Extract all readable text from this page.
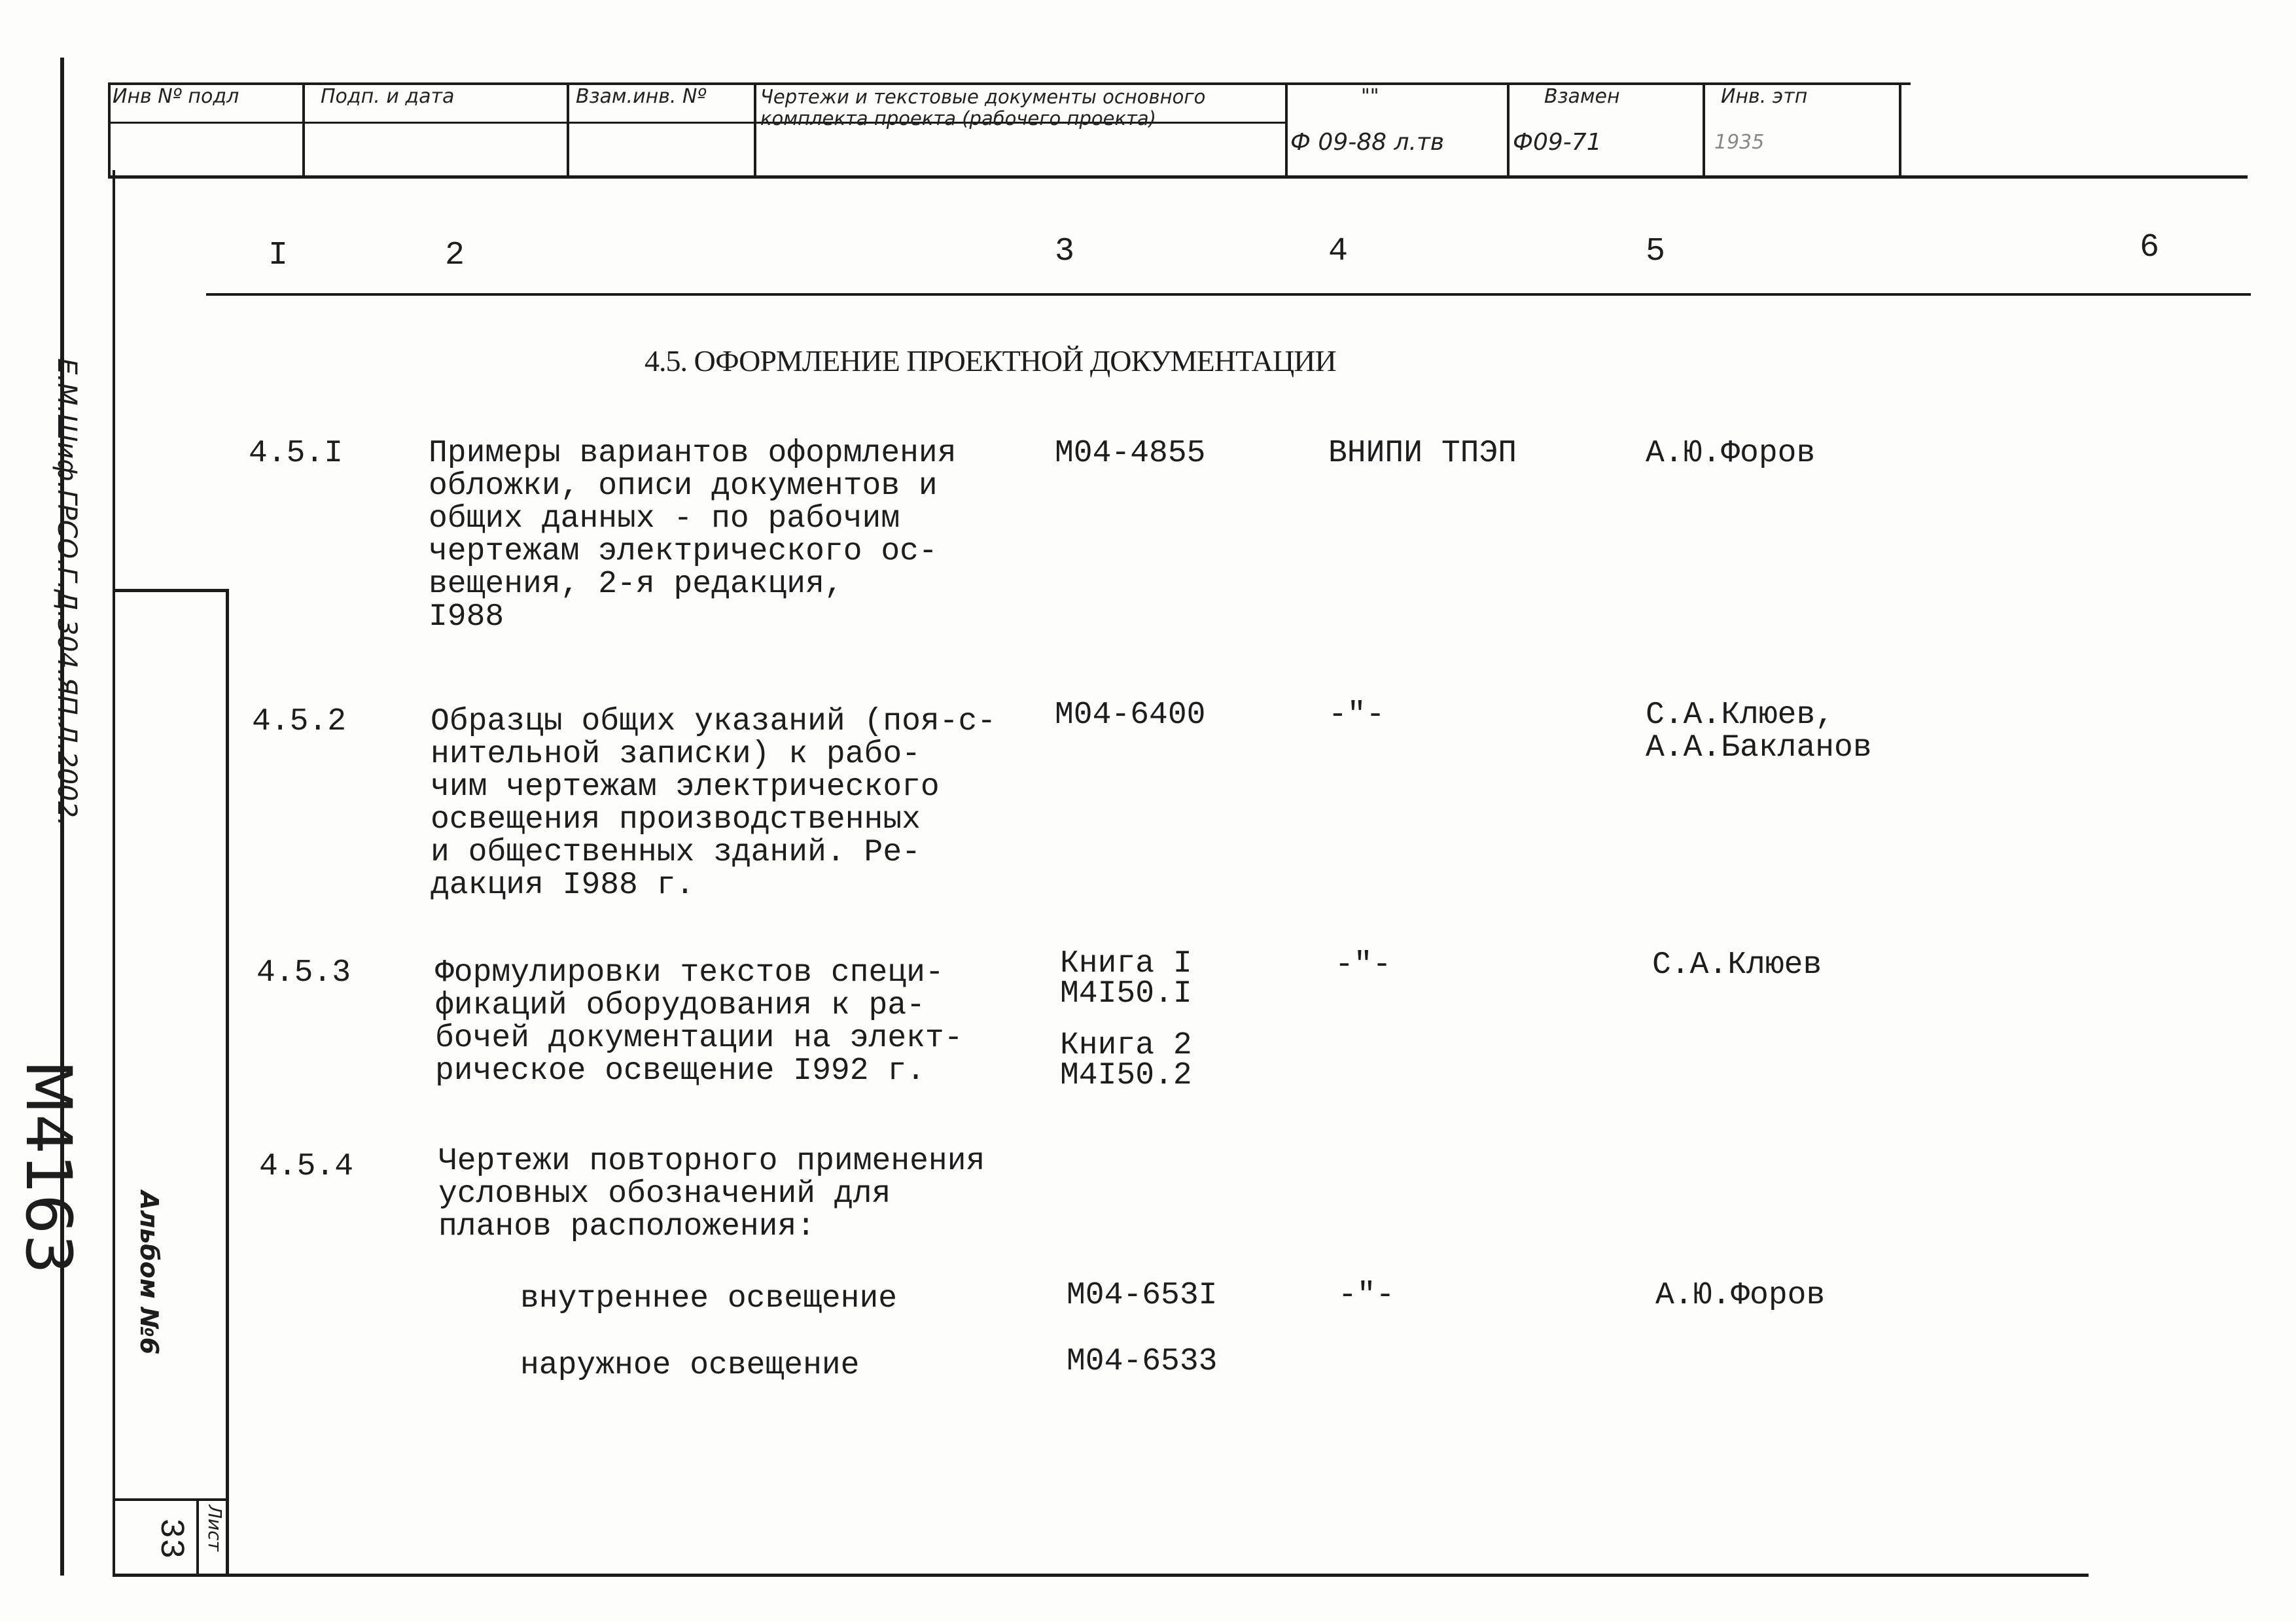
Е.М.Шиф.ГРСО.Г.Д.304.ЯП.Л.2002.
М4163 Альбом №6
Лист
33
Инв Nº подл	Подп. и дата	Взам.инв. Nº	Чертежи и текстовые документы основного комплекта проекта (рабочего проекта)
""
Ф 09-88 л.тв
Взамен
Ф09-71
Инв. этп
1935
I	2	3	4	5	6
4.5. ОФОРМЛЕНИЕ ПРОЕКТНОЙ ДОКУМЕНТАЦИИ
4.5.I	Примеры вариантов оформления
обложки, описи документов и
общих данных - по рабочим
чертежам электрического ос-
вещения, 2-я редакция,
I988
М04-4855	ВНИПИ ТПЭП	А.Ю.Форов
4.5.2	Образцы общих указаний (поя-с-
нительной записки) к рабо-
чим чертежам электрического
освещения производственных
и общественных зданий. Ре-
дакция I988 г.
М04-6400	-"-	С.А.Клюев,
А.А.Бакланов
4.5.3	Формулировки текстов специ-
фикаций оборудования к ра-
бочей документации на элект-
рическое освещение I992 г.
Книга I
М4I50.I
Книга 2
М4I50.2
-"-	С.А.Клюев
4.5.4	Чертежи повторного применения
условных обозначений для
планов расположения:
внутреннее освещение	М04-653I	-"-	А.Ю.Форов
наружное освещение	М04-6533
